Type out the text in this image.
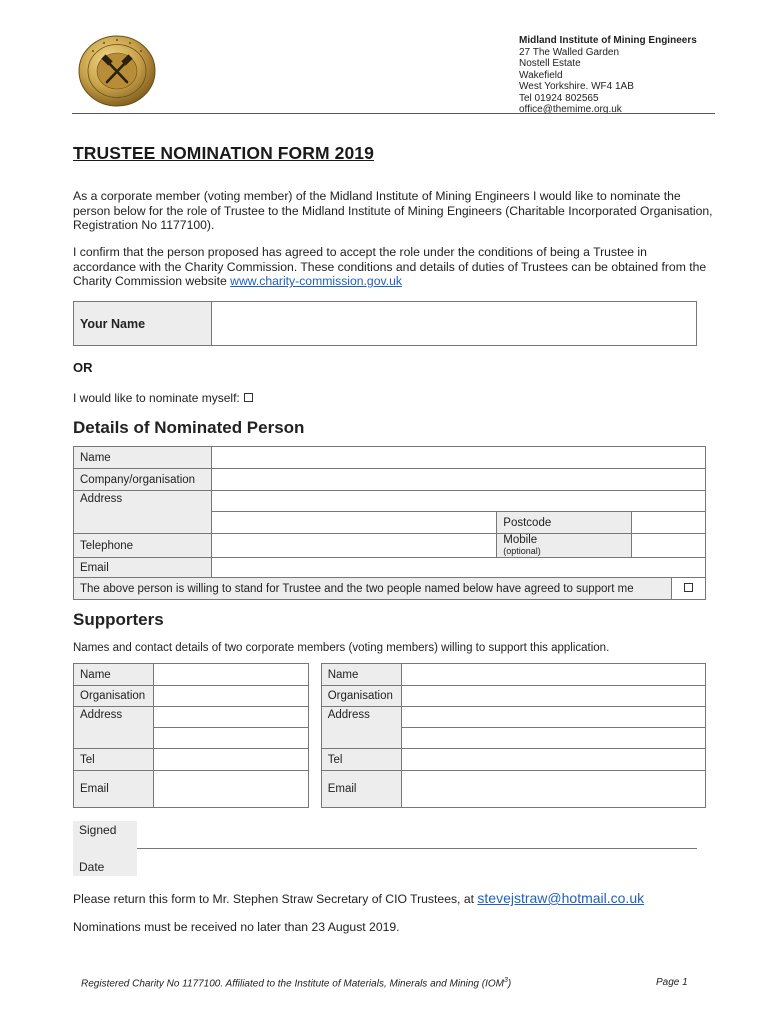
Midland Institute of Mining Engineers
27 The Walled Garden
Nostell Estate
Wakefield
West Yorkshire. WF4 1AB
Tel 01924 802565
office@themime.org.uk
TRUSTEE NOMINATION FORM 2019
As a corporate member (voting member) of the Midland Institute of Mining Engineers I would like to nominate the person below for the role of Trustee to the Midland Institute of Mining Engineers (Charitable Incorporated Organisation, Registration No 1177100).
I confirm that the person proposed has agreed to accept the role under the conditions of being a Trustee in accordance with the Charity Commission. These conditions and details of duties of Trustees can be obtained from the Charity Commission website www.charity-commission.gov.uk
Your Name	
OR
I would like to nominate myself:
Details of Nominated Person
Name				
Company/organisation				
Address				
		Postcode		
Telephone		Mobile
(optional)		

Email				
The above person is willing to stand for Trustee and the two people named below have agreed to support me				
Supporters
Names and contact details of two corporate members (voting members) willing to support this application.
Name			Name	
Organisation			Organisation	
Address			Address	

Tel			Tel	
Email			Email	
Signed	
Date	
Please return this form to Mr. Stephen Straw Secretary of CIO Trustees, at stevejstraw@hotmail.co.uk
Nominations must be received no later than 23 August 2019.
Registered Charity No 1177100. Affiliated to the Institute of Materials, Minerals and Mining (IOM$^3$)	Page 1
